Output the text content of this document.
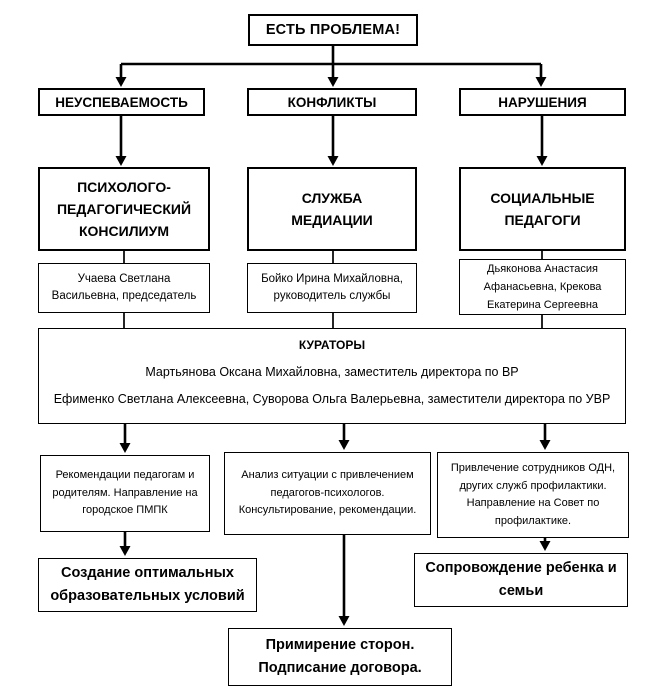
ЕСТЬ ПРОБЛЕМА!
НЕУСПЕВАЕМОСТЬ	КОНФЛИКТЫ	НАРУШЕНИЯ
ПСИХОЛОГО-
ПЕДАГОГИЧЕСКИЙ
КОНСИЛИУМ
СЛУЖБА
МЕДИАЦИИ
СОЦИАЛЬНЫЕ
ПЕДАГОГИ
Учаева Светлана Васильевна, председатель
Бойко Ирина Михайловна, руководитель службы
Дьяконова Анастасия Афанасьевна, Крекова Екатерина Сергеевна
КУРАТОРЫ
Мартьянова Оксана Михайловна, заместитель директора по ВР
Ефименко Светлана Алексеевна, Суворова Ольга Валерьевна, заместители директора по УВР
Рекомендации педагогам и родителям. Направление на городское ПМПК
Анализ ситуации с привлечением педагогов-психологов. Консультирование, рекомендации.
Привлечение сотрудников ОДН, других служб профилактики. Направление на Совет по профилактике.
Создание оптимальных
образовательных условий
Сопровождение ребенка и
семьи
Примирение сторон.
Подписание договора.
